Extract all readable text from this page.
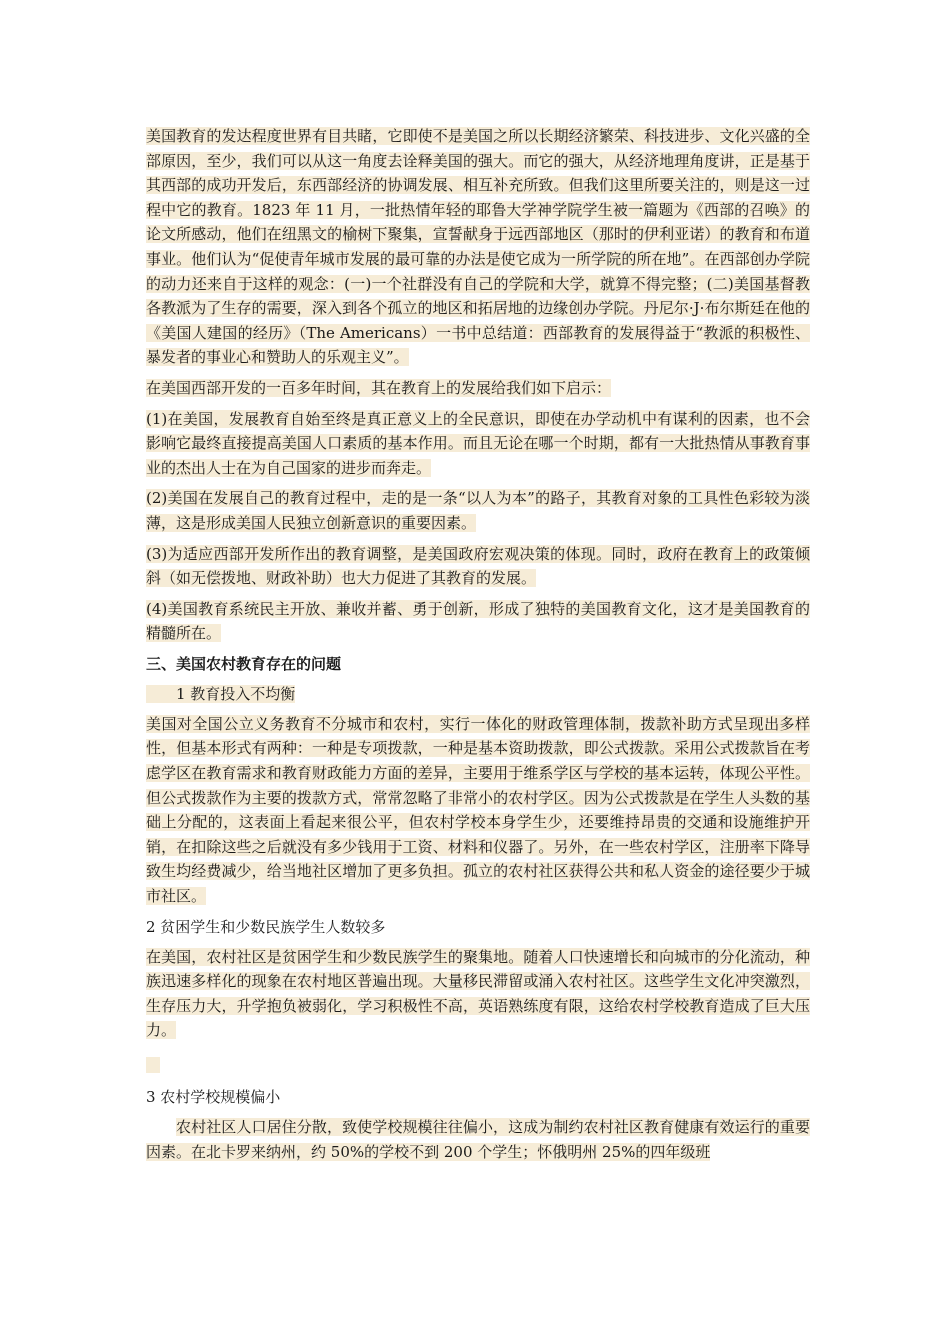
美国教育的发达程度世界有目共睹，它即使不是美国之所以长期经济繁荣、科技进步、文化兴盛的全部原因，至少，我们可以从这一角度去诠释美国的强大。而它的强大，从经济地理角度讲，正是基于其西部的成功开发后，东西部经济的协调发展、相互补充所致。但我们这里所要关注的，则是这一过程中它的教育。1823 年 11 月，一批热情年轻的耶鲁大学神学院学生被一篇题为《西部的召唤》的论文所感动，他们在纽黑文的榆树下聚集，宣誓献身于远西部地区（那时的伊利亚诺）的教育和布道事业。他们认为“促使青年城市发展的最可靠的办法是使它成为一所学院的所在地”。在西部创办学院的动力还来自于这样的观念：(一)一个社群没有自己的学院和大学，就算不得完整；(二)美国基督教各教派为了生存的需要，深入到各个孤立的地区和拓居地的边缘创办学院。丹尼尔·J·布尔斯廷在他的《美国人建国的经历》（The Americans）一书中总结道：西部教育的发展得益于“教派的积极性、暴发者的事业心和赞助人的乐观主义”。

在美国西部开发的一百多年时间，其在教育上的发展给我们如下启示：

(1)在美国，发展教育自始至终是真正意义上的全民意识，即使在办学动机中有谋利的因素，也不会影响它最终直接提高美国人口素质的基本作用。而且无论在哪一个时期，都有一大批热情从事教育事业的杰出人士在为自己国家的进步而奔走。

(2)美国在发展自己的教育过程中，走的是一条“以人为本”的路子，其教育对象的工具性色彩较为淡薄，这是形成美国人民独立创新意识的重要因素。

(3)为适应西部开发所作出的教育调整，是美国政府宏观决策的体现。同时，政府在教育上的政策倾斜（如无偿拨地、财政补助）也大力促进了其教育的发展。

(4)美国教育系统民主开放、兼收并蓄、勇于创新，形成了独特的美国教育文化，这才是美国教育的精髓所在。

三、美国农村教育存在的问题
1 教育投入不均衡

美国对全国公立义务教育不分城市和农村，实行一体化的财政管理体制，拨款补助方式呈现出多样性，但基本形式有两种：一种是专项拨款，一种是基本资助拨款，即公式拨款。采用公式拨款旨在考虑学区在教育需求和教育财政能力方面的差异，主要用于维系学区与学校的基本运转，体现公平性。但公式拨款作为主要的拨款方式，常常忽略了非常小的农村学区。因为公式拨款是在学生人头数的基础上分配的，这表面上看起来很公平，但农村学校本身学生少，还要维持昂贵的交通和设施维护开销，在扣除这些之后就没有多少钱用于工资、材料和仪器了。另外，在一些农村学区，注册率下降导致生均经费减少，给当地社区增加了更多负担。孤立的农村社区获得公共和私人资金的途径要少于城市社区。

2 贫困学生和少数民族学生人数较多

在美国，农村社区是贫困学生和少数民族学生的聚集地。随着人口快速增长和向城市的分化流动，种族迅速多样化的现象在农村地区普遍出现。大量移民滞留或涌入农村社区。这些学生文化冲突激烈，生存压力大，升学抱负被弱化，学习积极性不高，英语熟练度有限，这给农村学校教育造成了巨大压力。

3 农村学校规模偏小

农村社区人口居住分散，致使学校规模往往偏小，这成为制约农村社区教育健康有效运行的重要因素。在北卡罗来纳州，约 50%的学校不到 200 个学生；怀俄明州 25%的四年级班
